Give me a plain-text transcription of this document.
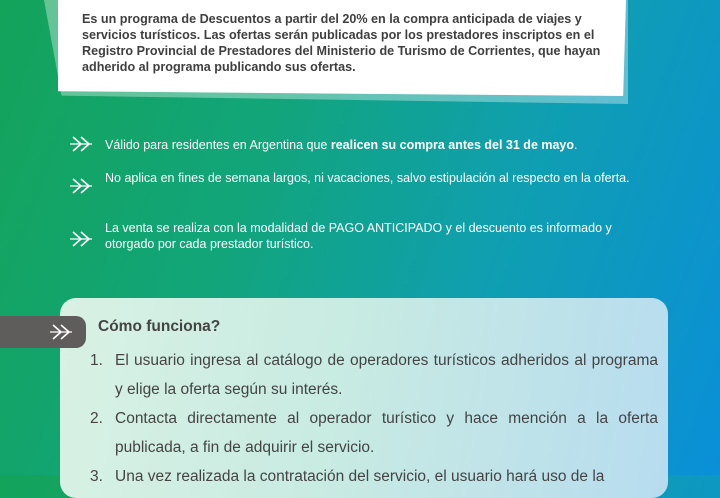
Es un programa de Descuentos a partir del 20% en la compra anticipada de viajes y servicios turísticos. Las ofertas serán publicadas por los prestadores inscriptos en el Registro Provincial de Prestadores del Ministerio de Turismo de Corrientes, que hayan adherido al programa publicando sus ofertas.

Válido para residentes en Argentina que realicen su compra antes del 31 de mayo.

No aplica en fines de semana largos, ni vacaciones, salvo estipulación al respecto en la oferta.

La venta se realiza con la modalidad de PAGO ANTICIPADO y el descuento es informado y otorgado por cada prestador turístico.

Cómo funciona?

1. El usuario ingresa al catálogo de operadores turísticos adheridos al programa y elige la oferta según su interés.

2. Contacta directamente al operador turístico y hace mención a la oferta publicada, a fin de adquirir el servicio.

3. Una vez realizada la contratación del servicio, el usuario hará uso de la
